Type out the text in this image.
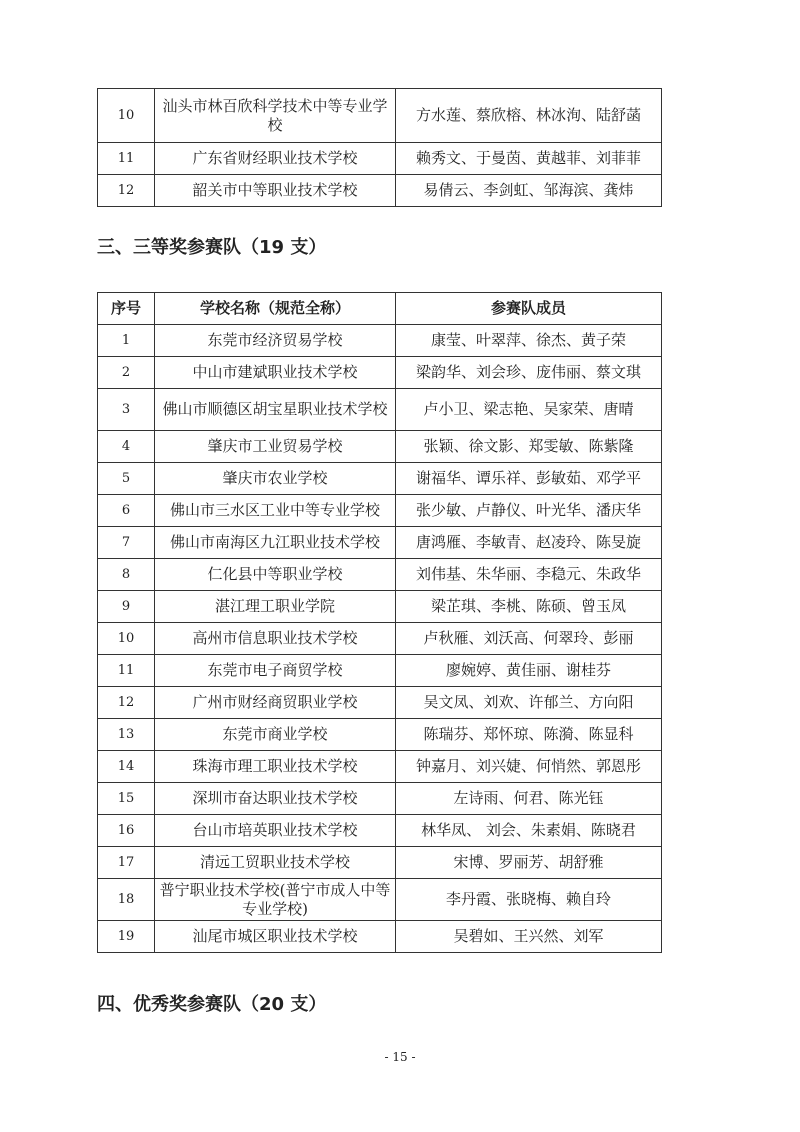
10	汕头市林百欣科学技术中等专业学校	方水莲、蔡欣榕、林冰洵、陆舒菡
11	广东省财经职业技术学校	赖秀文、于曼茵、黄越菲、刘菲菲
12	韶关市中等职业技术学校	易倩云、李剑虹、邹海滨、龚炜
三、三等奖参赛队（19 支）
序号	学校名称（规范全称）	参赛队成员
1	东莞市经济贸易学校	康莹、叶翠萍、徐杰、黄子荣
2	中山市建斌职业技术学校	梁韵华、刘会珍、庞伟丽、蔡文琪
3	佛山市顺德区胡宝星职业技术学校	卢小卫、梁志艳、吴家荣、唐晴
4	肇庆市工业贸易学校	张颖、徐文影、郑雯敏、陈紫隆
5	肇庆市农业学校	谢福华、谭乐祥、彭敏茹、邓学平
6	佛山市三水区工业中等专业学校	张少敏、卢静仪、叶光华、潘庆华
7	佛山市南海区九江职业技术学校	唐鸿雁、李敏青、赵凌玲、陈旻旋
8	仁化县中等职业学校	刘伟基、朱华丽、李稳元、朱政华
9	湛江理工职业学院	梁芷琪、李桃、陈硕、曾玉凤
10	高州市信息职业技术学校	卢秋雁、刘沃高、何翠玲、彭丽
11	东莞市电子商贸学校	廖婉婷、黄佳丽、谢桂芬
12	广州市财经商贸职业学校	吴文凤、刘欢、许郁兰、方向阳
13	东莞市商业学校	陈瑞芬、郑怀琼、陈漪、陈显科
14	珠海市理工职业技术学校	钟嘉月、刘兴婕、何悄然、郭恩彤
15	深圳市奋达职业技术学校	左诗雨、何君、陈光钰
16	台山市培英职业技术学校	林华凤、 刘会、朱素娟、陈晓君
17	清远工贸职业技术学校	宋博、罗丽芳、胡舒雅
18	普宁职业技术学校(普宁市成人中等专业学校)	李丹霞、张晓梅、赖自玲
19	汕尾市城区职业技术学校	吴碧如、王兴然、刘军
四、优秀奖参赛队（20 支）
- 15 -
